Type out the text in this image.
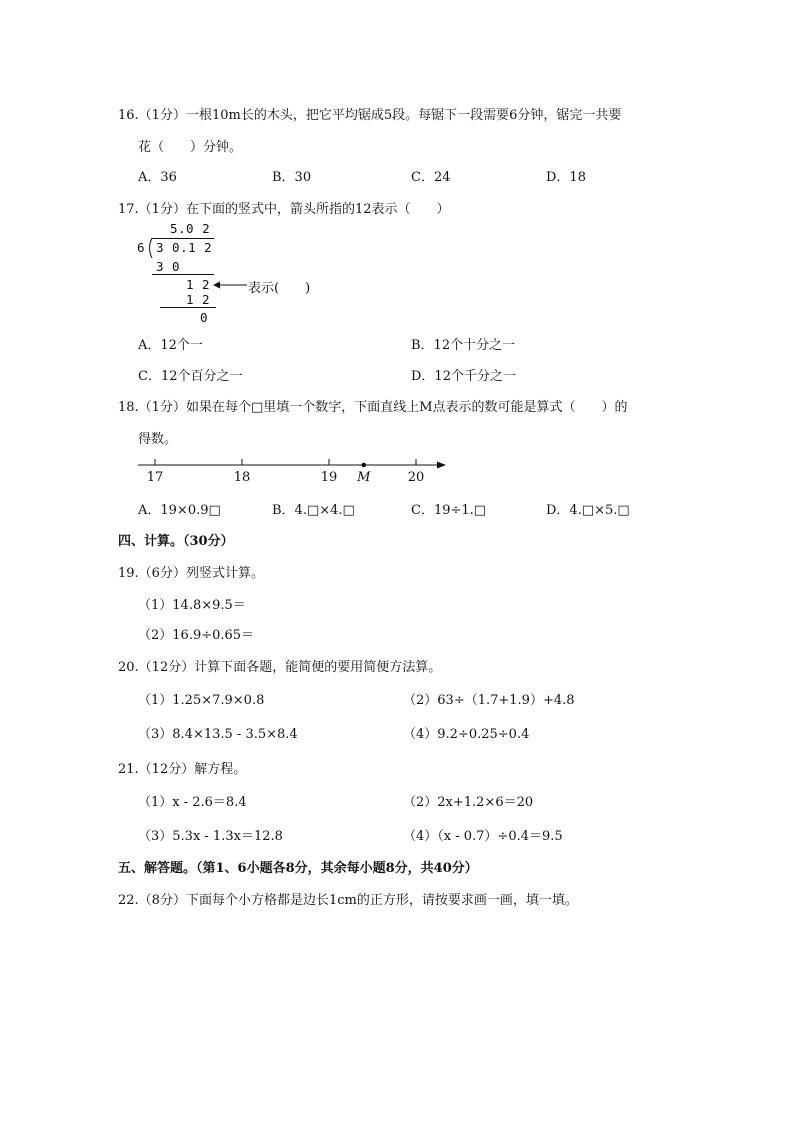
16.（1分）一根10m长的木头，把它平均锯成5段。每锯下一段需要6分钟，锯完一共要
花（　　）分钟。
A．36	B．30	C．24	D．18
17.（1分）在下面的竖式中，箭头所指的12表示（　　）
5.0 2
6 3 0.1 2
3 0
1 2	表示(　　)
1 2
0
A．12个一	B．12个十分之一
C．12个百分之一	D．12个千分之一
18.（1分）如果在每个□里填一个数字，下面直线上M点表示的数可能是算式（　　）的
得数。
17	18	19	20
M
A．19×0.9□	B．4.□×4.□	C．19÷1.□	D．4.□×5.□
四、计算。（30分）
19.（6分）列竖式计算。
（1）14.8×9.5＝
（2）16.9÷0.65＝
20.（12分）计算下面各题，能简便的要用简便方法算。
（1）1.25×7.9×0.8	（2）63÷（1.7+1.9）+4.8
（3）8.4×13.5 - 3.5×8.4	（4）9.2÷0.25÷0.4
21.（12分）解方程。
（1）x - 2.6＝8.4	（2）2x+1.2×6＝20
（3）5.3x - 1.3x＝12.8	（4）（x - 0.7）÷0.4＝9.5
五、解答题。（第1、6小题各8分，其余每小题8分，共40分）
22.（8分）下面每个小方格都是边长1cm的正方形，请按要求画一画，填一填。
